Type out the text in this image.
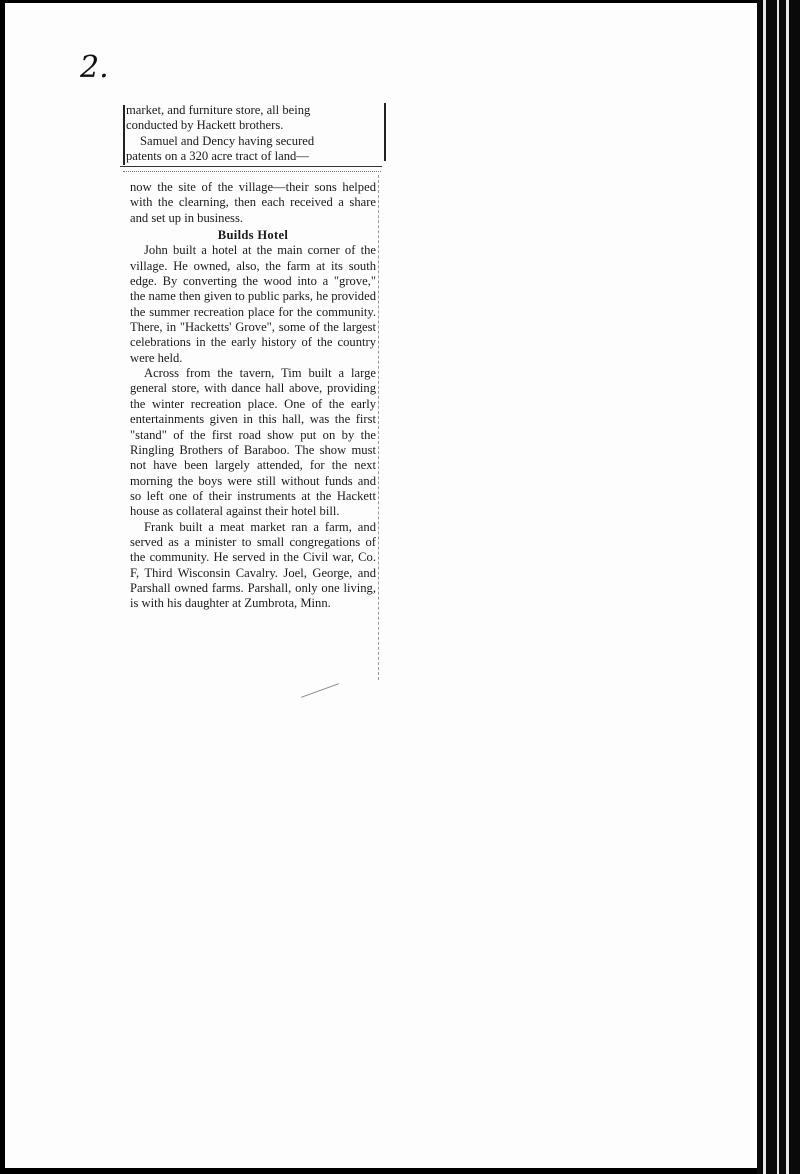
2.
market, and furniture store, all being
conducted by Hackett brothers.
Samuel and Dency having secured
patents on a 320 acre tract of land—

now the site of the village—their sons helped with the clearning, then each received a share and set up in business.

Builds Hotel

John built a hotel at the main corner of the village. He owned, also, the farm at its south edge. By converting the wood into a "grove," the name then given to public parks, he provided the summer recreation place for the community. There, in "Hacketts' Grove", some of the largest celebrations in the early history of the country were held.

Across from the tavern, Tim built a large general store, with dance hall above, providing the winter recreation place. One of the early entertainments given in this hall, was the first "stand" of the first road show put on by the Ringling Brothers of Baraboo. The show must not have been largely attended, for the next morning the boys were still without funds and so left one of their instruments at the Hackett house as collateral against their hotel bill.

Frank built a meat market ran a farm, and served as a minister to small congregations of the community. He served in the Civil war, Co. F, Third Wisconsin Cavalry. Joel, George, and Parshall owned farms. Parshall, only one living, is with his daughter at Zumbrota, Minn.
